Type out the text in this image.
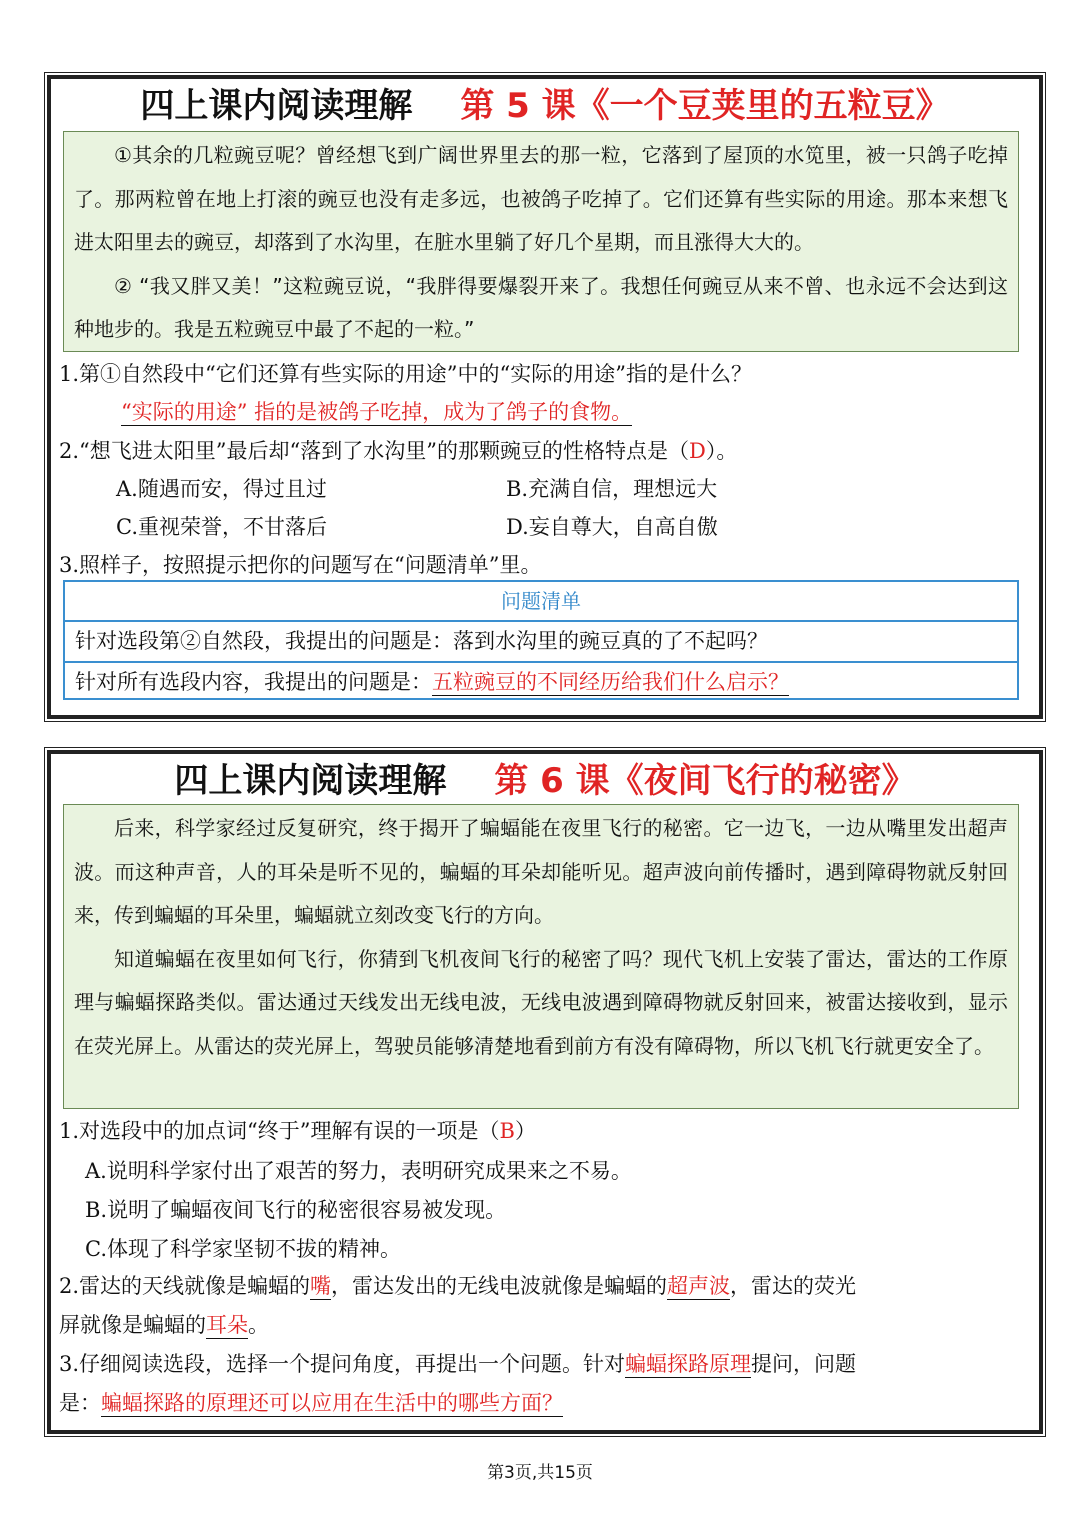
四上课内阅读理解 第 5 课《一个豆荚里的五粒豆》

①其余的几粒豌豆呢？曾经想飞到广阔世界里去的那一粒，它落到了屋顶的水笕里，被一只鸽子吃掉了。那两粒曾在地上打滚的豌豆也没有走多远，也被鸽子吃掉了。它们还算有些实际的用途。那本来想飞进太阳里去的豌豆，却落到了水沟里，在脏水里躺了好几个星期，而且涨得大大的。

② “我又胖又美！”这粒豌豆说，“我胖得要爆裂开来了。我想任何豌豆从来不曾、也永远不会达到这种地步的。我是五粒豌豆中最了不起的一粒。”

1.第①自然段中“它们还算有些实际的用途”中的“实际的用途”指的是什么？
“实际的用途” 指的是被鸽子吃掉，成为了鸽子的食物。
2.“想飞进太阳里”最后却“落到了水沟里”的那颗豌豆的性格特点是（D）。
A.随遇而安，得过且过	B.充满自信，理想远大
C.重视荣誉，不甘落后	D.妄自尊大，自高自傲
3.照样子，按照提示把你的问题写在“问题清单”里。
问题清单
针对选段第②自然段，我提出的问题是：落到水沟里的豌豆真的了不起吗？
针对所有选段内容，我提出的问题是：五粒豌豆的不同经历给我们什么启示？
四上课内阅读理解 第 6 课《夜间飞行的秘密》

后来，科学家经过反复研究，终于揭开了蝙蝠能在夜里飞行的秘密。它一边飞，一边从嘴里发出超声波。而这种声音，人的耳朵是听不见的，蝙蝠的耳朵却能听见。超声波向前传播时，遇到障碍物就反射回来，传到蝙蝠的耳朵里，蝙蝠就立刻改变飞行的方向。

知道蝙蝠在夜里如何飞行，你猜到飞机夜间飞行的秘密了吗？现代飞机上安装了雷达，雷达的工作原理与蝙蝠探路类似。雷达通过天线发出无线电波，无线电波遇到障碍物就反射回来，被雷达接收到，显示在荧光屏上。从雷达的荧光屏上，驾驶员能够清楚地看到前方有没有障碍物，所以飞机飞行就更安全了。

1.对选段中的加点词“终于”理解有误的一项是（B）
A.说明科学家付出了艰苦的努力，表明研究成果来之不易。
B.说明了蝙蝠夜间飞行的秘密很容易被发现。
C.体现了科学家坚韧不拔的精神。
2.雷达的天线就像是蝙蝠的嘴，雷达发出的无线电波就像是蝙蝠的超声波，雷达的荧光
屏就像是蝙蝠的耳朵。
3.仔细阅读选段，选择一个提问角度，再提出一个问题。针对蝙蝠探路原理提问，问题
是：蝙蝠探路的原理还可以应用在生活中的哪些方面？
第3页,共15页
